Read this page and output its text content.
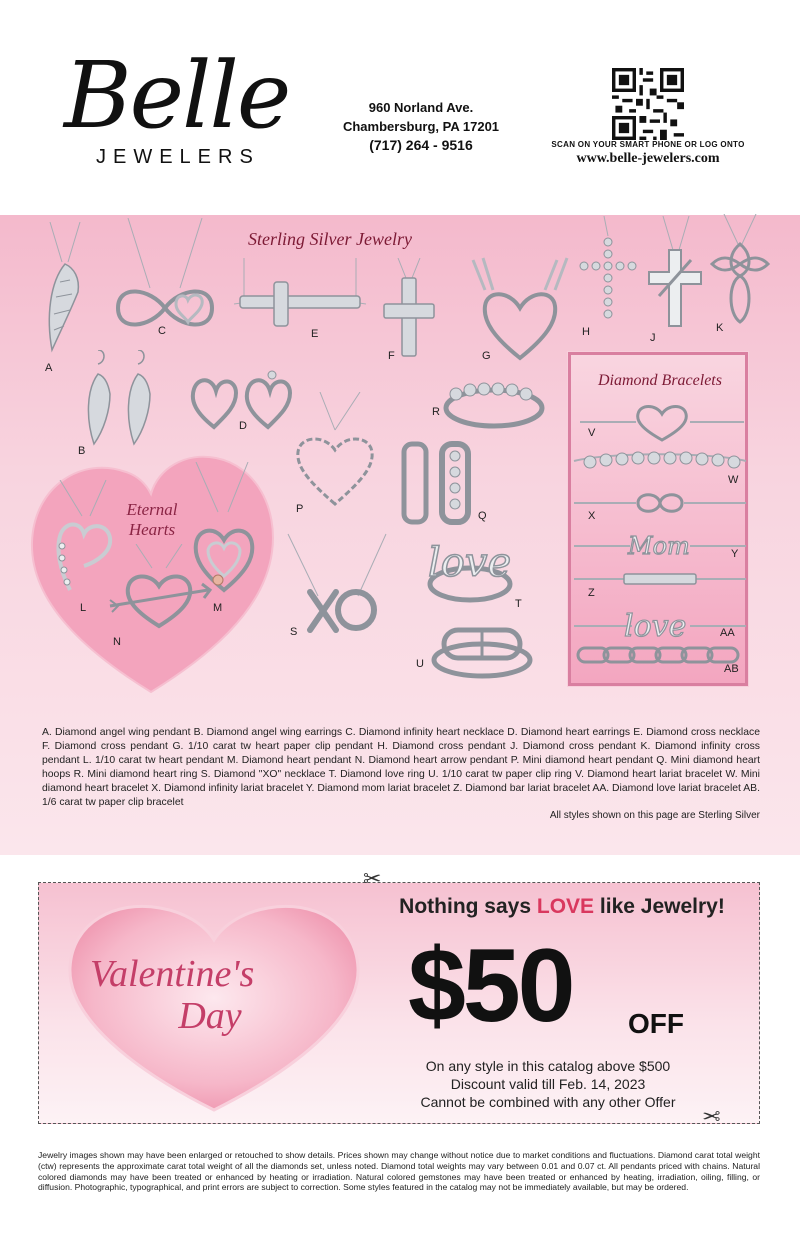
Belle
JEWELERS
960 Norland Ave.
Chambersburg, PA 17201
(717) 264 - 9516	SCAN ON YOUR SMART PHONE OR LOG ONTO
www.belle-jewelers.com
Sterling Silver Jewelry
A
B
C	E
F	G
H	J
K
D
R
P
Q
Eternal
Hearts
L	M
N
S
love
T
U
Diamond Bracelets
V
W
X
Mom	Y
Z
love	AA
AB
A. Diamond angel wing pendant B. Diamond angel wing earrings C. Diamond infinity heart necklace D. Diamond heart earrings E. Diamond cross necklace F. Diamond cross pendant G. 1/10 carat tw heart paper clip pendant H. Diamond cross pendant J. Diamond cross pendant K. Diamond infinity cross pendant L. 1/10 carat tw heart pendant M. Diamond heart pendant N. Diamond heart arrow pendant P. Mini diamond heart pendant Q. Mini diamond heart hoops R. Mini diamond heart ring S. Diamond "XO" necklace T. Diamond love ring U. 1/10 carat tw paper clip ring V. Diamond heart lariat bracelet W. Mini diamond heart bracelet X. Diamond infinity lariat bracelet Y. Diamond mom lariat bracelet Z. Diamond bar lariat bracelet AA. Diamond love lariat bracelet AB. 1/6 carat tw paper clip bracelet
All styles shown on this page are Sterling Silver
✂
✂
Valentine's
Day
Nothing says LOVE like Jewelry!
$50 OFF
On any style in this catalog above $500
Discount valid till Feb. 14, 2023
Cannot be combined with any other Offer
Jewelry images shown may have been enlarged or retouched to show details. Prices shown may change without notice due to market conditions and fluctuations. Diamond carat total weight (ctw) represents the approximate carat total weight of all the diamonds set, unless noted. Diamond total weights may vary between 0.01 and 0.07 ct. All pendants priced with chains. Natural colored diamonds may have been treated or enhanced by heating or irradiation. Natural colored gemstones may have been treated or enhanced by heating, irradiation, oiling, filling, or diffusion. Photographic, typographical, and print errors are subject to correction. Some styles featured in the catalog may not be immediately available, but may be ordered.
